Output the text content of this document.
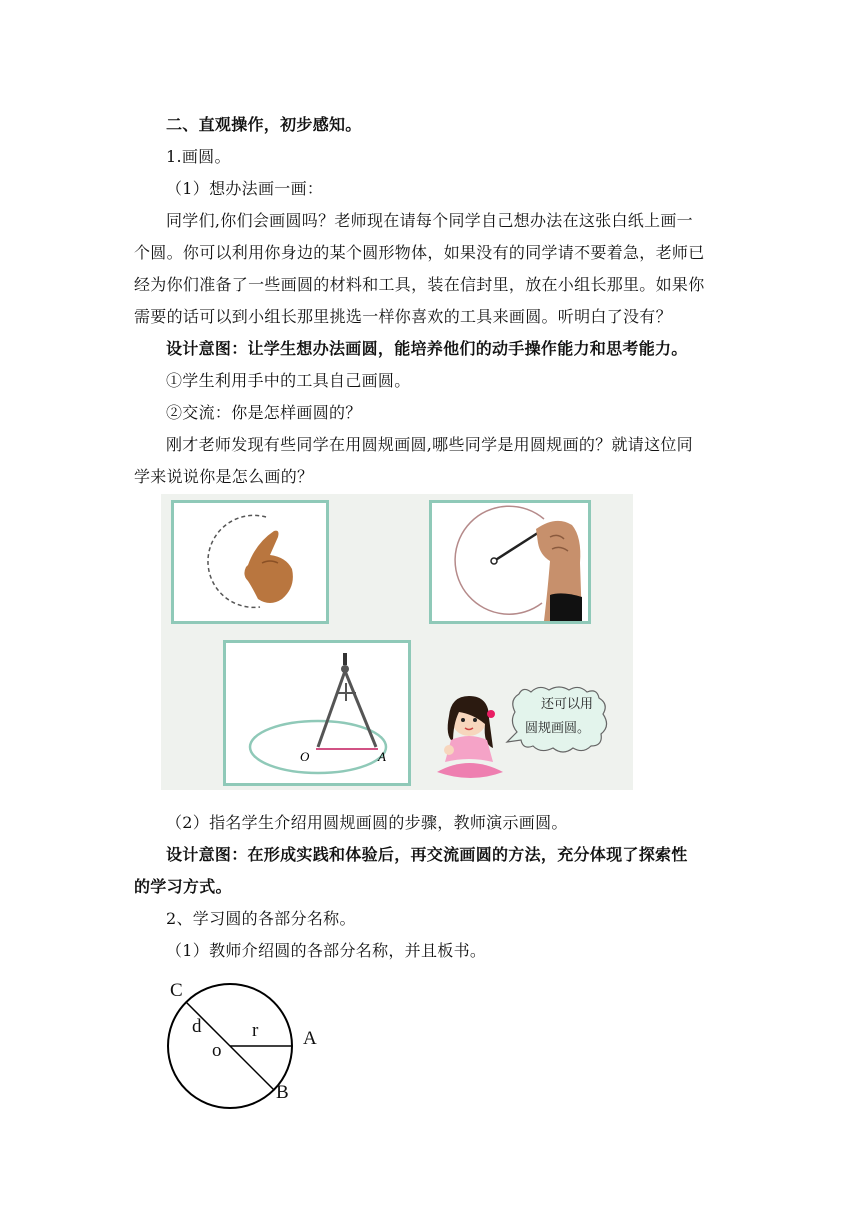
二、直观操作，初步感知。
1.画圆。
（1）想办法画一画：
同学们,你们会画圆吗？老师现在请每个同学自己想办法在这张白纸上画一
个圆。你可以利用你身边的某个圆形物体，如果没有的同学请不要着急，老师已
经为你们准备了一些画圆的材料和工具，装在信封里，放在小组长那里。如果你
需要的话可以到小组长那里挑选一样你喜欢的工具来画圆。听明白了没有？
设计意图：让学生想办法画圆，能培养他们的动手操作能力和思考能力。
①学生利用手中的工具自己画圆。
②交流：你是怎样画圆的？
刚才老师发现有些同学在用圆规画圆,哪些同学是用圆规画的？就请这位同
学来说说你是怎么画的？
O	A
还可以用
圆规画圆。
（2）指名学生介绍用圆规画圆的步骤，教师演示画圆。
设计意图：在形成实践和体验后，再交流画圆的方法，充分体现了探索性
的学习方式。
2、学习圆的各部分名称。
（1）教师介绍圆的各部分名称，并且板书。
C
d	r
o
A
B
